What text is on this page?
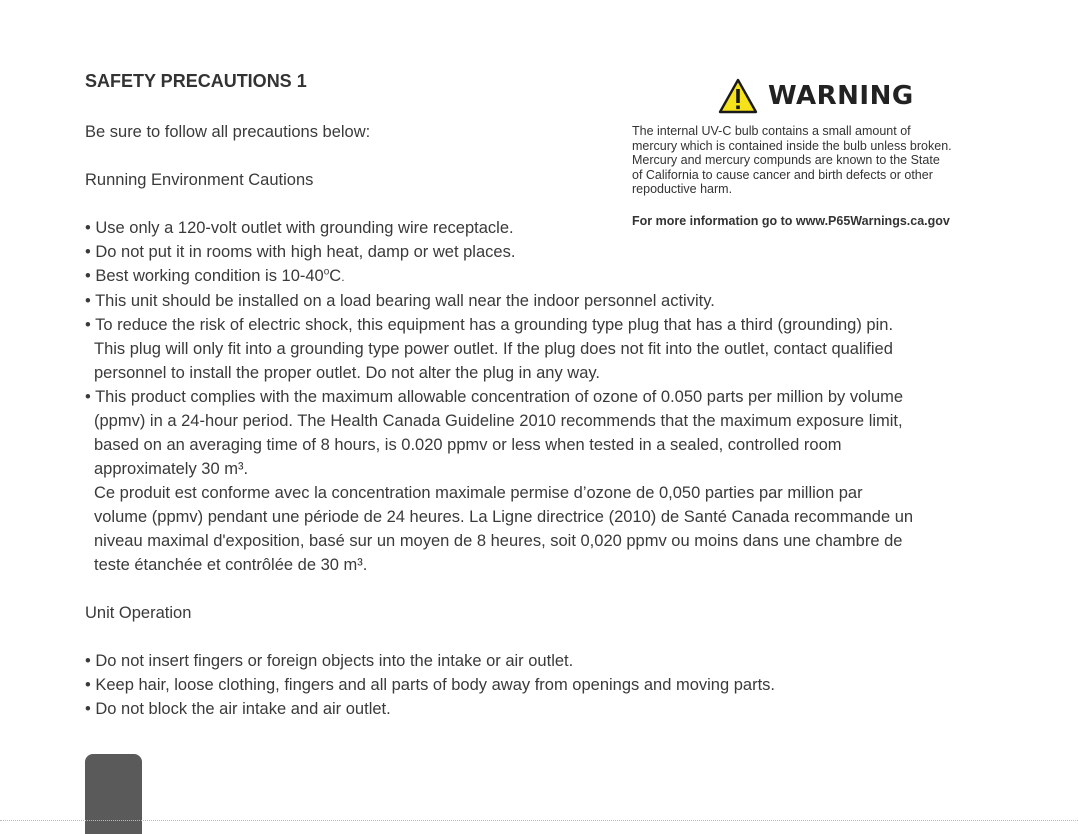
SAFETY PRECAUTIONS 1	WARNING
The internal UV-C bulb contains a small amount of
mercury which is contained inside the bulb unless broken.
Mercury and mercury compunds are known to the State
of California to cause cancer and birth defects or other
repoductive harm.
For more information go to www.P65Warnings.ca.gov
Be sure to follow all precautions below:
Running Environment Cautions
• Use only a 120-volt outlet with grounding wire receptacle.
• Do not put it in rooms with high heat, damp or wet places.
• Best working condition is 10-40$^o$C.
• This unit should be installed on a load bearing wall near the indoor personnel activity.
• To reduce the risk of electric shock, this equipment has a grounding type plug that has a third (grounding) pin.
This plug will only fit into a grounding type power outlet. If the plug does not fit into the outlet, contact qualified
personnel to install the proper outlet. Do not alter the plug in any way.
• This product complies with the maximum allowable concentration of ozone of 0.050 parts per million by volume
(ppmv) in a 24-hour period. The Health Canada Guideline 2010 recommends that the maximum exposure limit,
based on an averaging time of 8 hours, is 0.020 ppmv or less when tested in a sealed, controlled room
approximately 30 m³.
Ce produit est conforme avec la concentration maximale permise d’ozone de 0,050 parties par million par
volume (ppmv) pendant une période de 24 heures. La Ligne directrice (2010) de Santé Canada recommande un
niveau maximal d'exposition, basé sur un moyen de 8 heures, soit 0,020 ppmv ou moins dans une chambre de
teste étanchée et contrôlée de 30 m³.
Unit Operation
• Do not insert fingers or foreign objects into the intake or air outlet.
• Keep hair, loose clothing, fingers and all parts of body away from openings and moving parts.
• Do not block the air intake and air outlet.
